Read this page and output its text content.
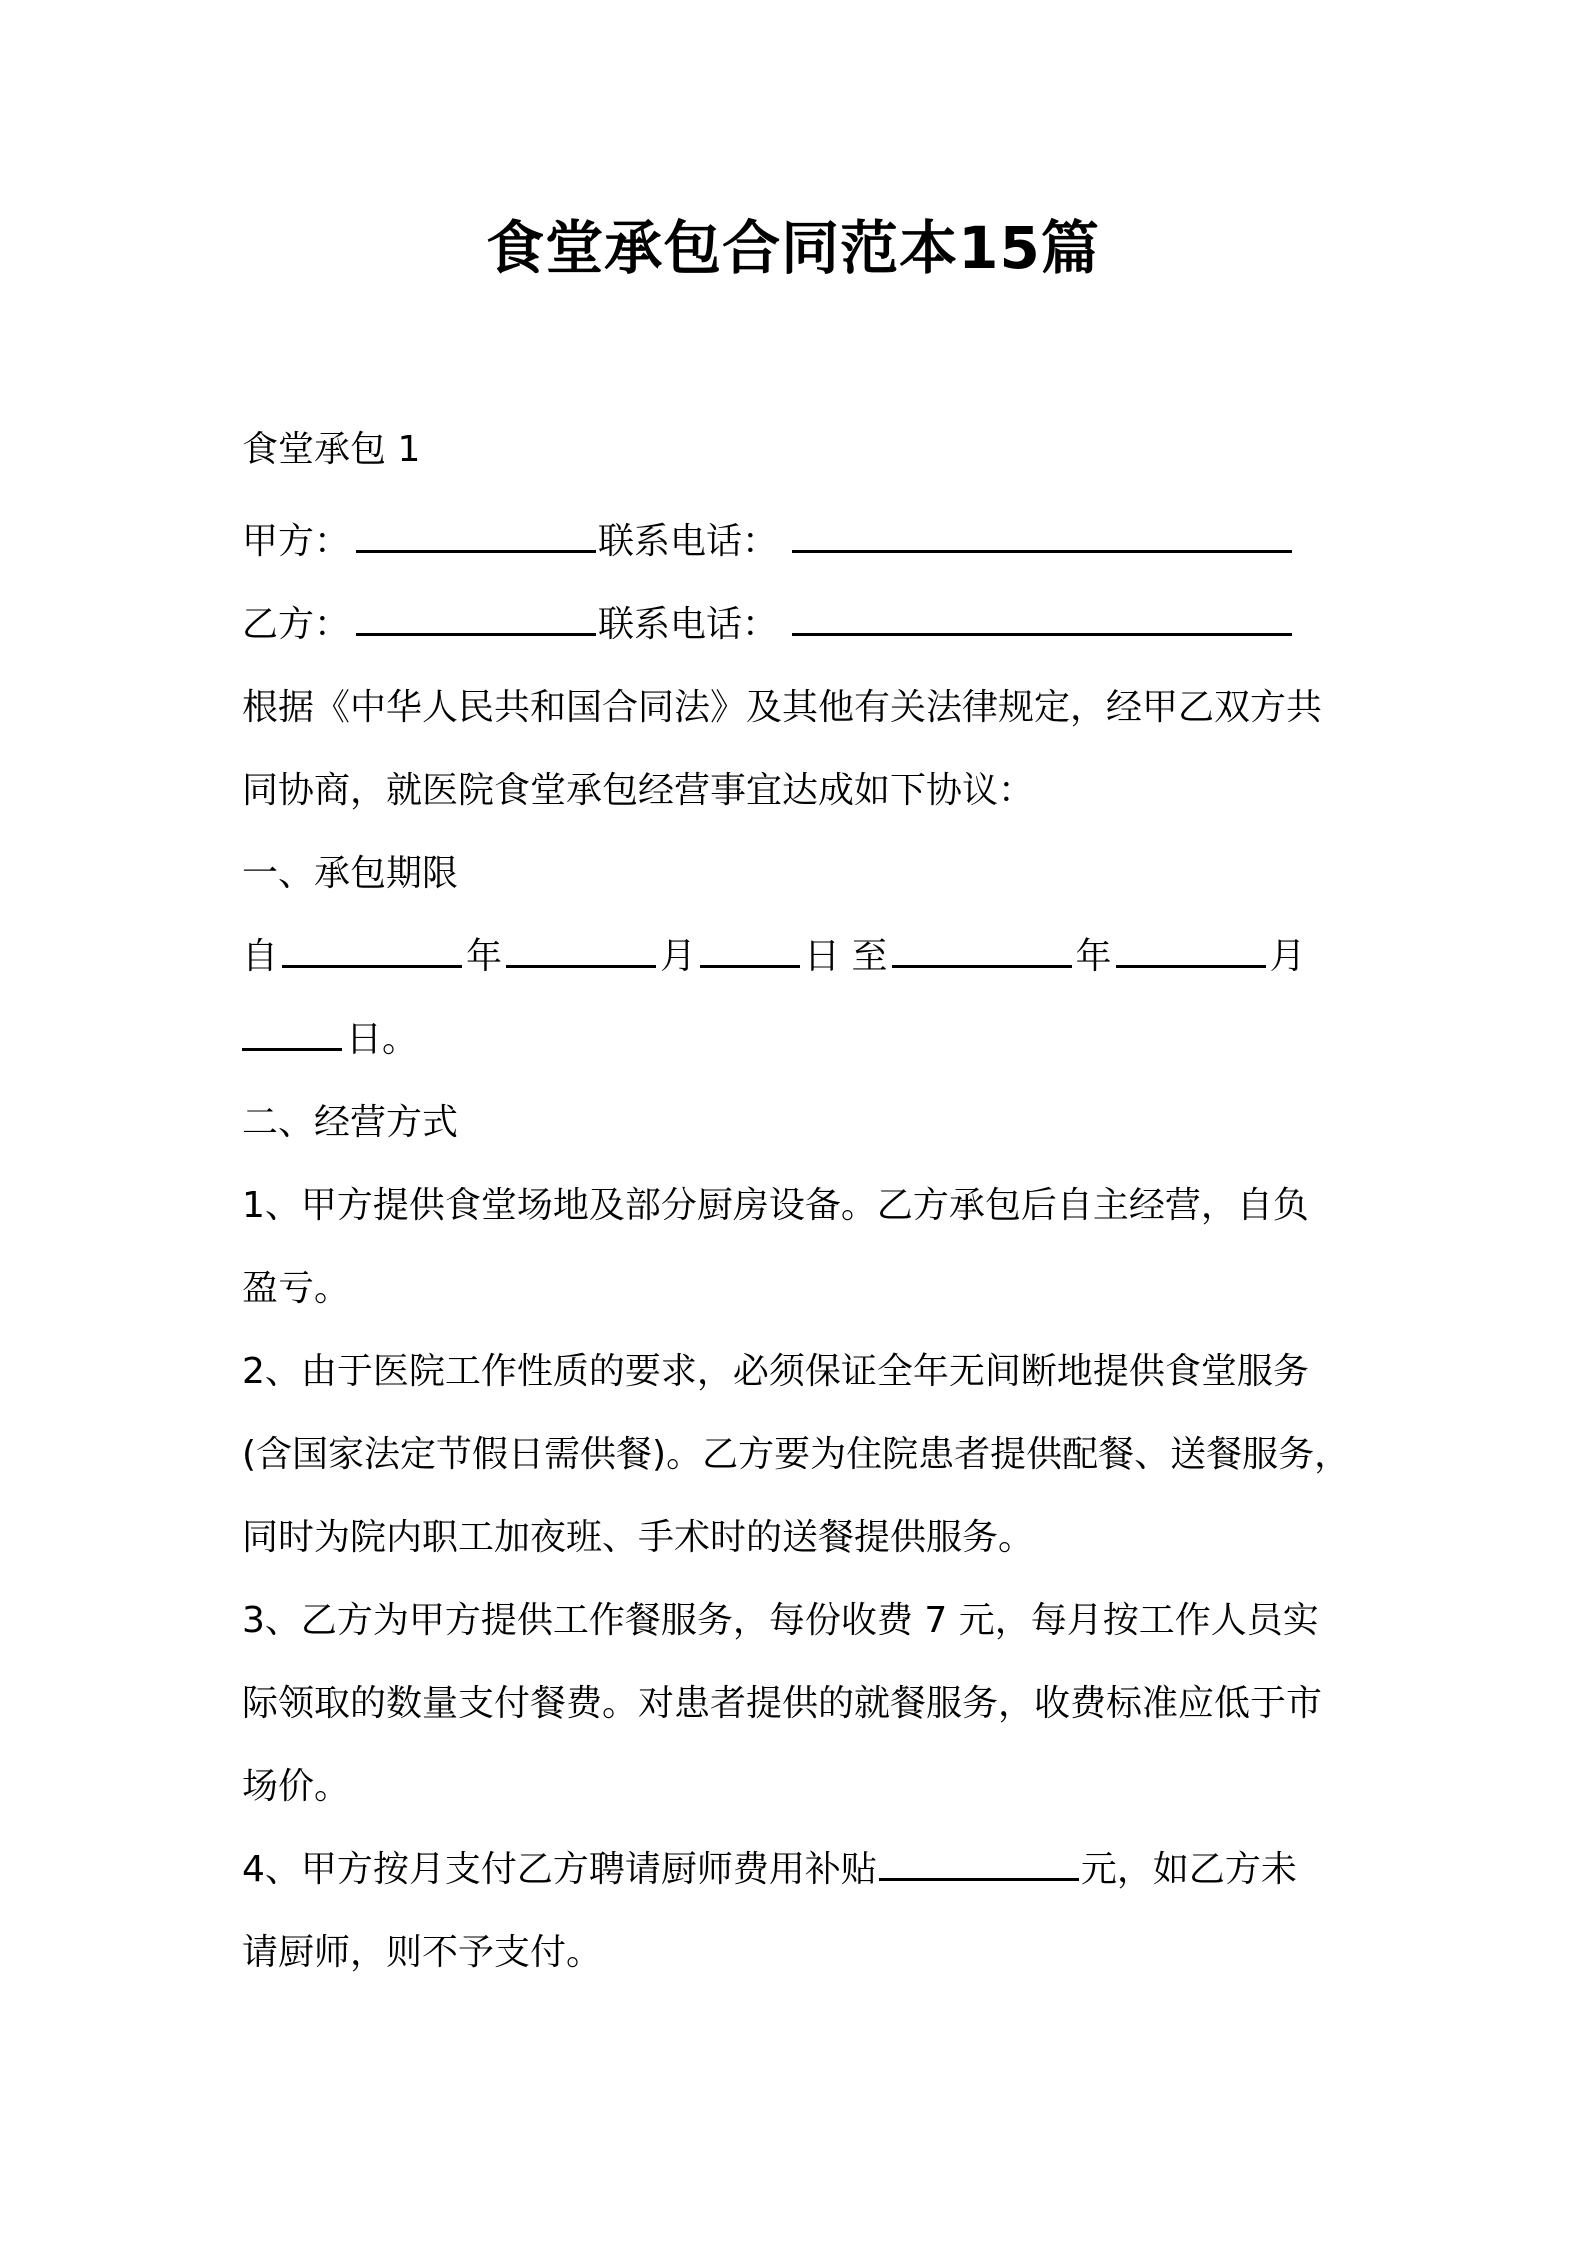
食堂承包合同范本15篇
食堂承包 1
甲方：	联系电话：
乙方：	联系电话：
根据《中华人民共和国合同法》及其他有关法律规定，经甲乙双方共
同协商，就医院食堂承包经营事宜达成如下协议：
一、承包期限
自	年	月	日 至	年	月
日。
二、经营方式
1、甲方提供食堂场地及部分厨房设备。乙方承包后自主经营，自负
盈亏。
2、由于医院工作性质的要求，必须保证全年无间断地提供食堂服务
(含国家法定节假日需供餐)。乙方要为住院患者提供配餐、送餐服务，
同时为院内职工加夜班、手术时的送餐提供服务。
3、乙方为甲方提供工作餐服务，每份收费 7 元，每月按工作人员实
际领取的数量支付餐费。对患者提供的就餐服务，收费标准应低于市
场价。
4、甲方按月支付乙方聘请厨师费用补贴	元，如乙方未
请厨师，则不予支付。
